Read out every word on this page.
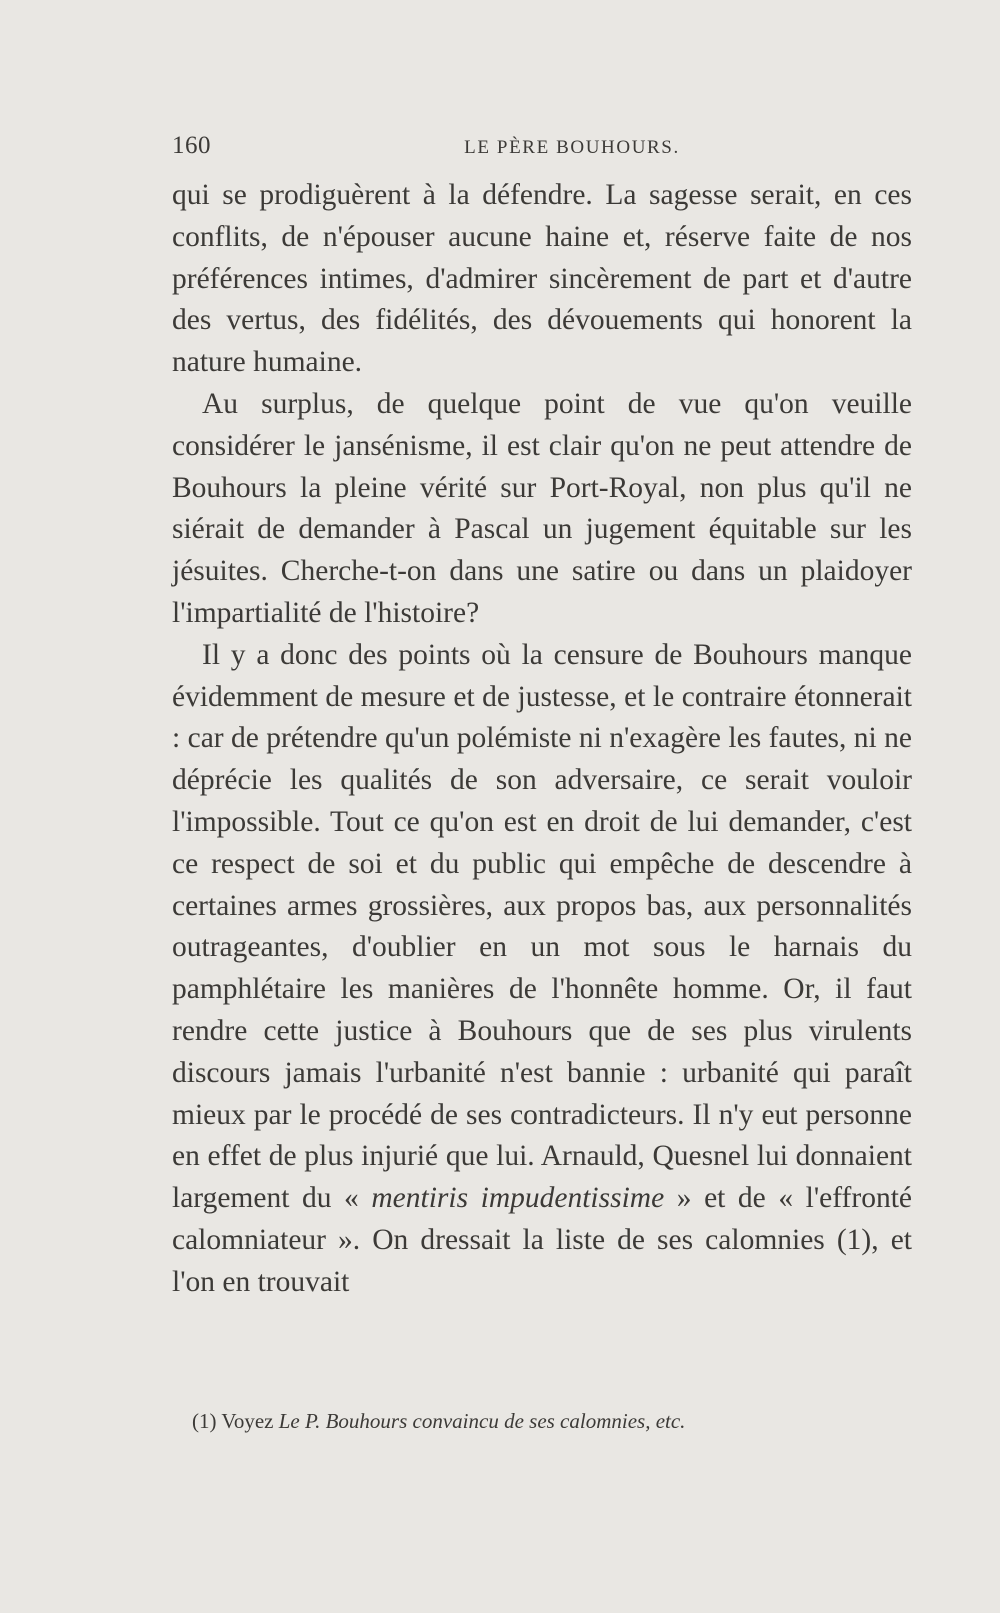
160	LE PÈRE BOUHOURS.

qui se prodiguèrent à la défendre. La sagesse serait, en ces conflits, de n'épouser aucune haine et, réserve faite de nos préférences intimes, d'admirer sincèrement de part et d'autre des vertus, des fidélités, des dévouements qui honorent la nature humaine.

Au surplus, de quelque point de vue qu'on veuille considérer le jansénisme, il est clair qu'on ne peut attendre de Bouhours la pleine vérité sur Port-Royal, non plus qu'il ne siérait de demander à Pascal un jugement équitable sur les jésuites. Cherche-t-on dans une satire ou dans un plaidoyer l'impartialité de l'histoire?

Il y a donc des points où la censure de Bouhours manque évidemment de mesure et de justesse, et le contraire étonnerait : car de prétendre qu'un polémiste ni n'exagère les fautes, ni ne déprécie les qualités de son adversaire, ce serait vouloir l'impossible. Tout ce qu'on est en droit de lui demander, c'est ce respect de soi et du public qui empêche de descendre à certaines armes grossières, aux propos bas, aux personnalités outrageantes, d'oublier en un mot sous le harnais du pamphlétaire les manières de l'honnête homme. Or, il faut rendre cette justice à Bouhours que de ses plus virulents discours jamais l'urbanité n'est bannie : urbanité qui paraît mieux par le procédé de ses contradicteurs. Il n'y eut personne en effet de plus injurié que lui. Arnauld, Quesnel lui donnaient largement du « mentiris impudentissime » et de « l'effronté calomniateur ». On dressait la liste de ses calomnies (1), et l'on en trouvait

(1) Voyez Le P. Bouhours convaincu de ses calomnies, etc.
